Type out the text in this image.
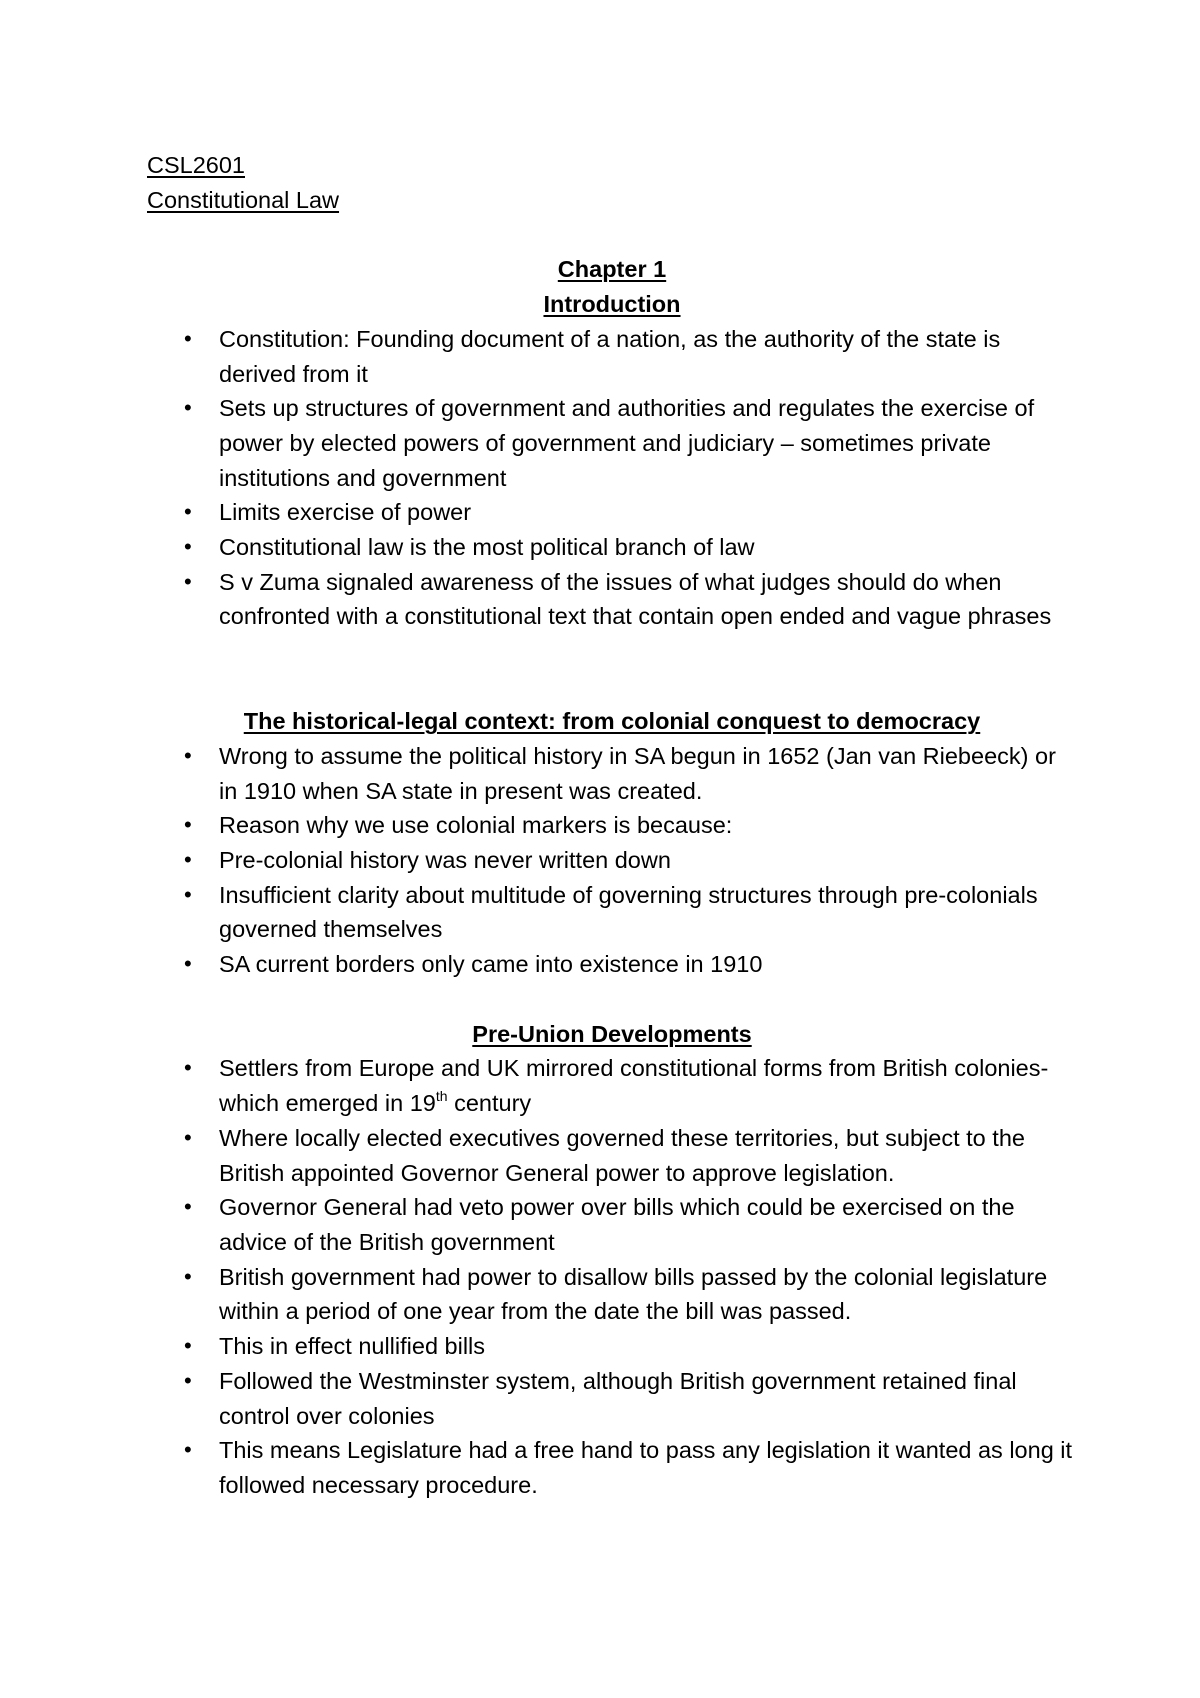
CSL2601
Constitutional Law
Chapter 1
Introduction
• Constitution: Founding document of a nation, as the authority of the state is derived from it
• Sets up structures of government and authorities and regulates the exercise of power by elected powers of government and judiciary – sometimes private institutions and government
• Limits exercise of power
• Constitutional law is the most political branch of law
• S v Zuma signaled awareness of the issues of what judges should do when confronted with a constitutional text that contain open ended and vague phrases
The historical-legal context: from colonial conquest to democracy
• Wrong to assume the political history in SA begun in 1652 (Jan van Riebeeck) or in 1910 when SA state in present was created.
• Reason why we use colonial markers is because:
• Pre-colonial history was never written down
• Insufficient clarity about multitude of governing structures through pre-colonials governed themselves
• SA current borders only came into existence in 1910
Pre-Union Developments
• Settlers from Europe and UK mirrored constitutional forms from British colonies- which emerged in 19th century
• Where locally elected executives governed these territories, but subject to the British appointed Governor General power to approve legislation.
• Governor General had veto power over bills which could be exercised on the advice of the British government
• British government had power to disallow bills passed by the colonial legislature within a period of one year from the date the bill was passed.
• This in effect nullified bills
• Followed the Westminster system, although British government retained final control over colonies
• This means Legislature had a free hand to pass any legislation it wanted as long it followed necessary procedure.
